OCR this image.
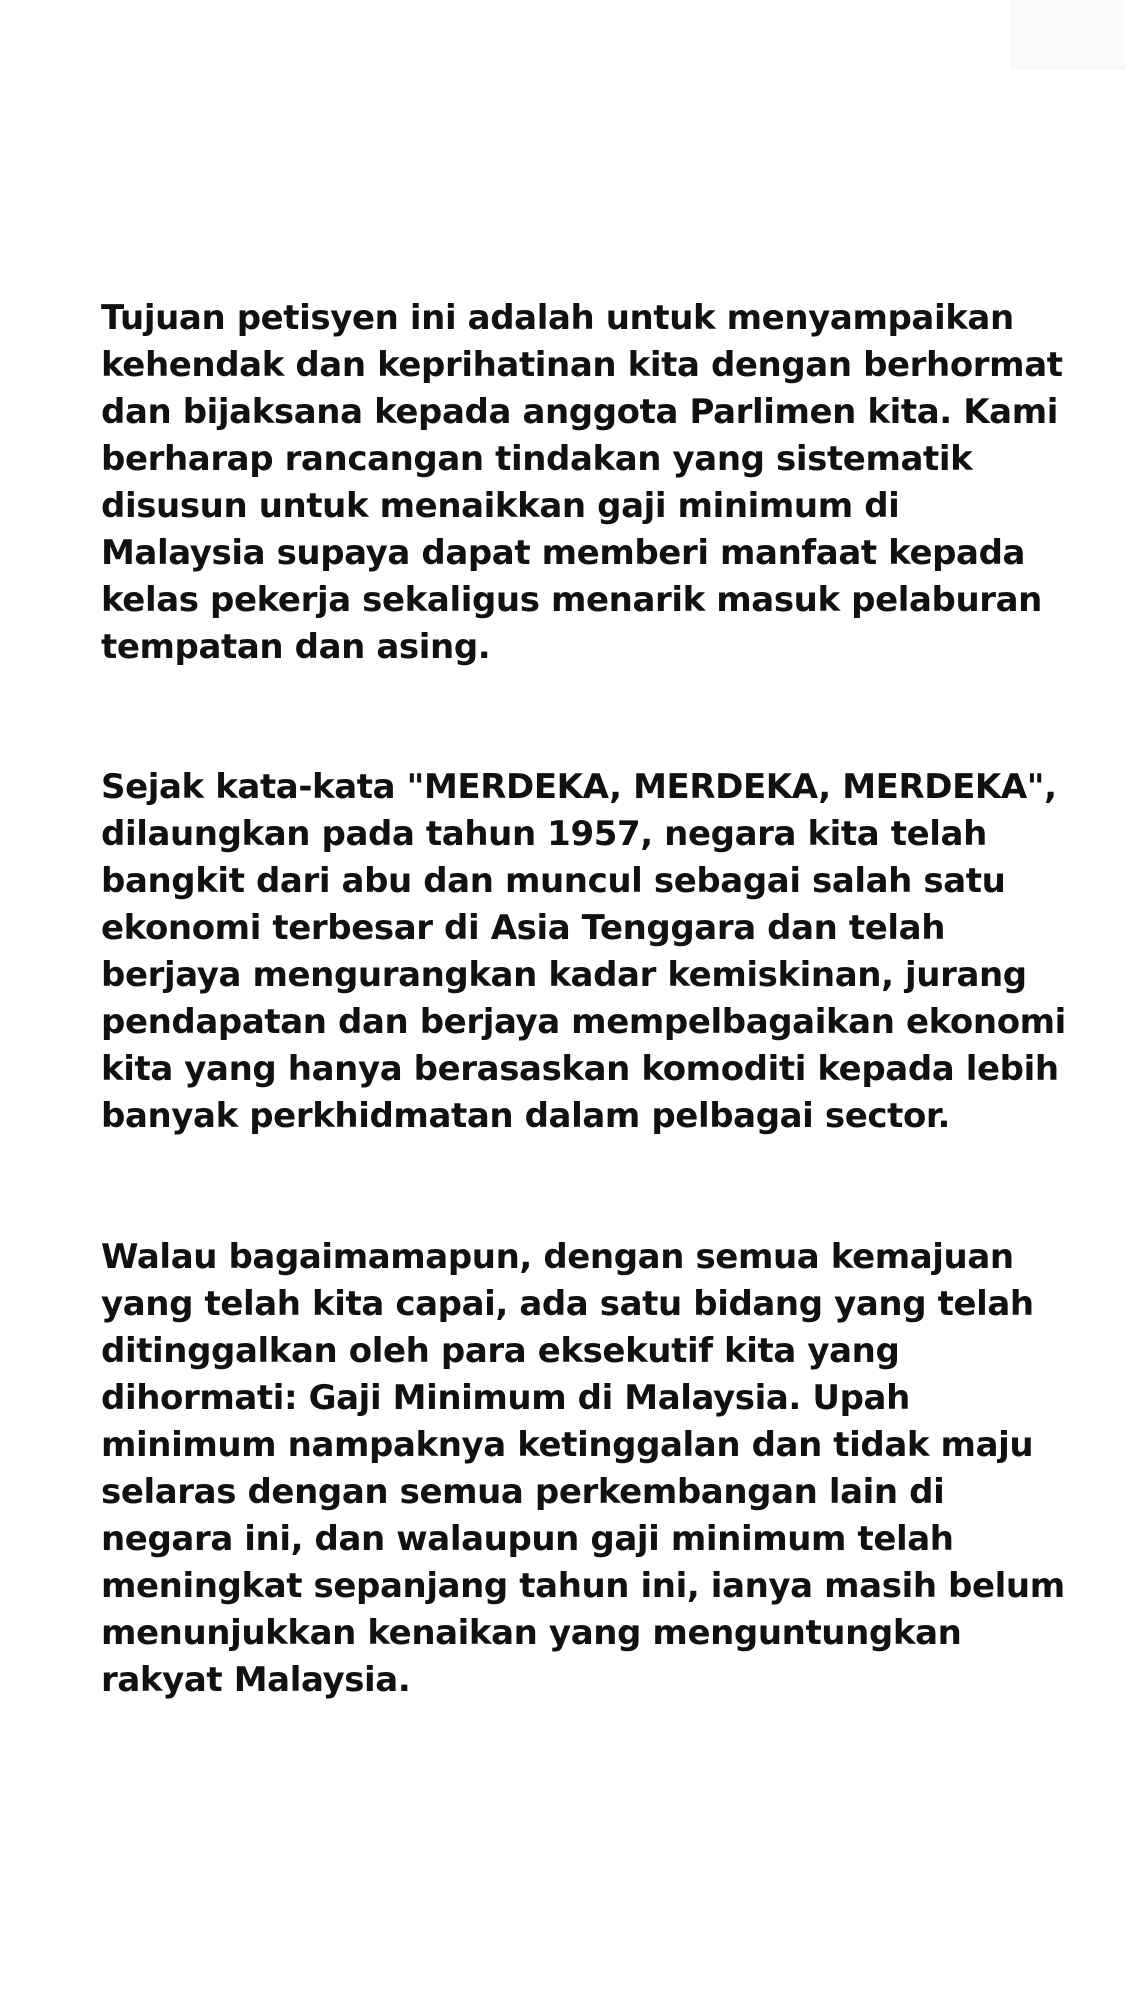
Tujuan petisyen ini adalah untuk menyampaikan
kehendak dan keprihatinan kita dengan berhormat
dan bijaksana kepada anggota Parlimen kita. Kami
berharap rancangan tindakan yang sistematik
disusun untuk menaikkan gaji minimum di
Malaysia supaya dapat memberi manfaat kepada
kelas pekerja sekaligus menarik masuk pelaburan
tempatan dan asing.
Sejak kata-kata "MERDEKA, MERDEKA, MERDEKA",
dilaungkan pada tahun 1957, negara kita telah
bangkit dari abu dan muncul sebagai salah satu
ekonomi terbesar di Asia Tenggara dan telah
berjaya mengurangkan kadar kemiskinan, jurang
pendapatan dan berjaya mempelbagaikan ekonomi
kita yang hanya berasaskan komoditi kepada lebih
banyak perkhidmatan dalam pelbagai sector.
Walau bagaimamapun, dengan semua kemajuan
yang telah kita capai, ada satu bidang yang telah
ditinggalkan oleh para eksekutif kita yang
dihormati: Gaji Minimum di Malaysia. Upah
minimum nampaknya ketinggalan dan tidak maju
selaras dengan semua perkembangan lain di
negara ini, dan walaupun gaji minimum telah
meningkat sepanjang tahun ini, ianya masih belum
menunjukkan kenaikan yang menguntungkan
rakyat Malaysia.
